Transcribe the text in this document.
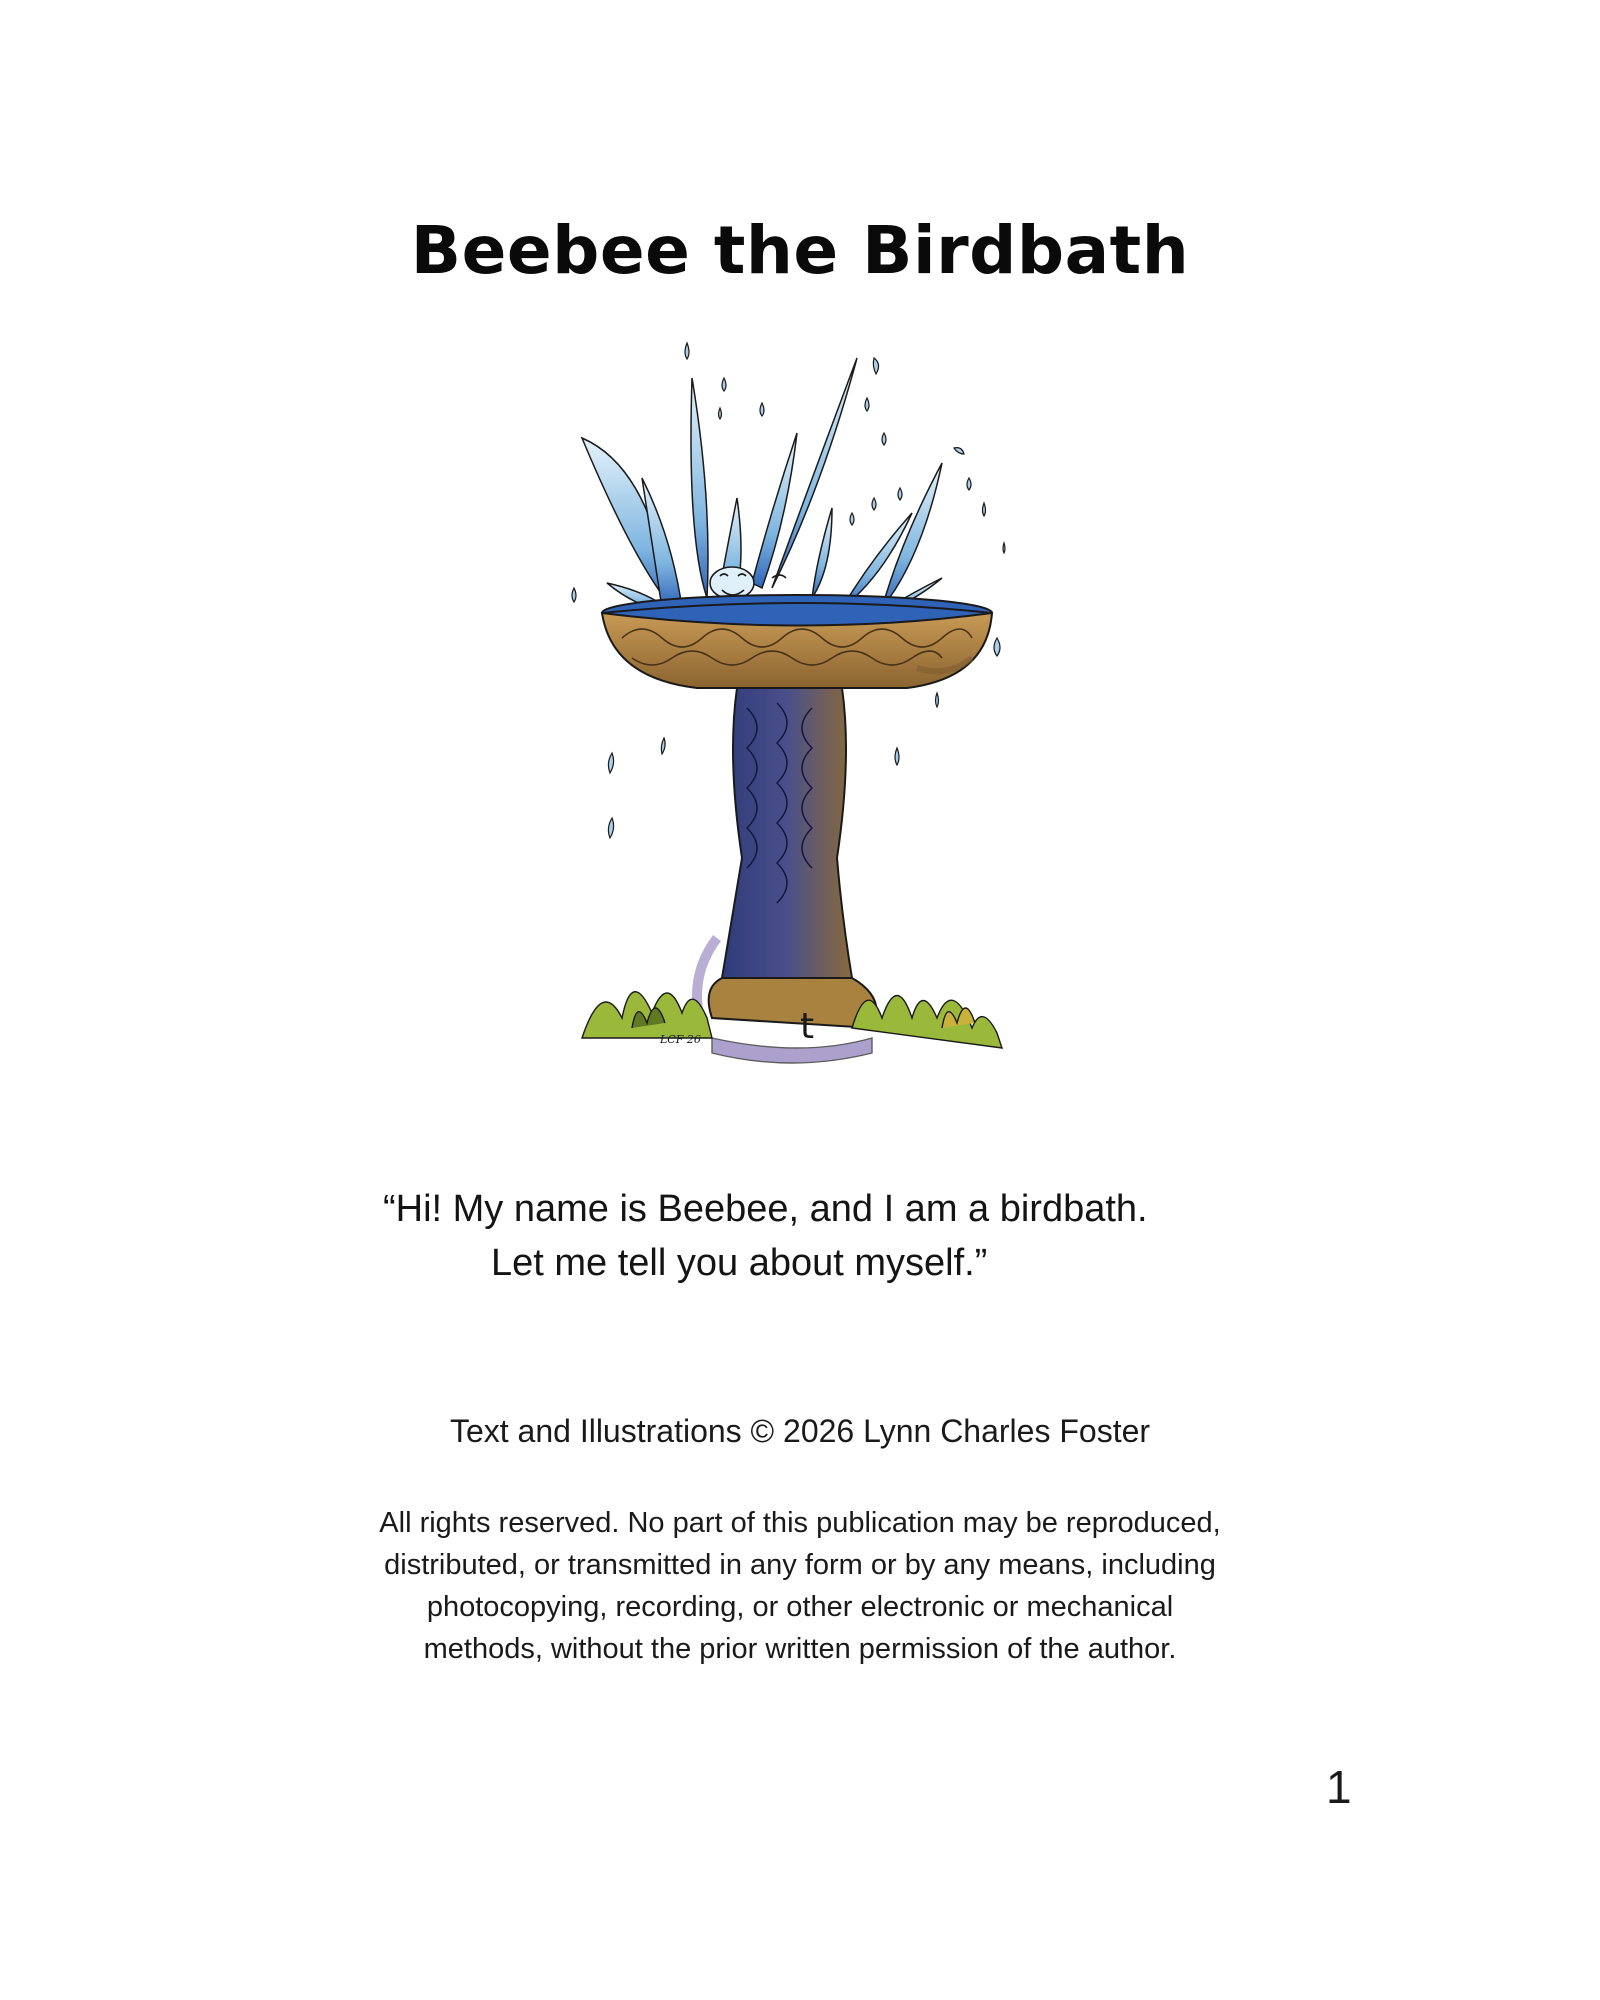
Beebee the Birdbath
t
LCF 26
“Hi! My name is Beebee, and I am a birdbath.
Let me tell you about myself.”
Text and Illustrations © 2026 Lynn Charles Foster
All rights reserved. No part of this publication may be reproduced,
distributed, or transmitted in any form or by any means, including
photocopying, recording, or other electronic or mechanical
methods, without the prior written permission of the author.
1
